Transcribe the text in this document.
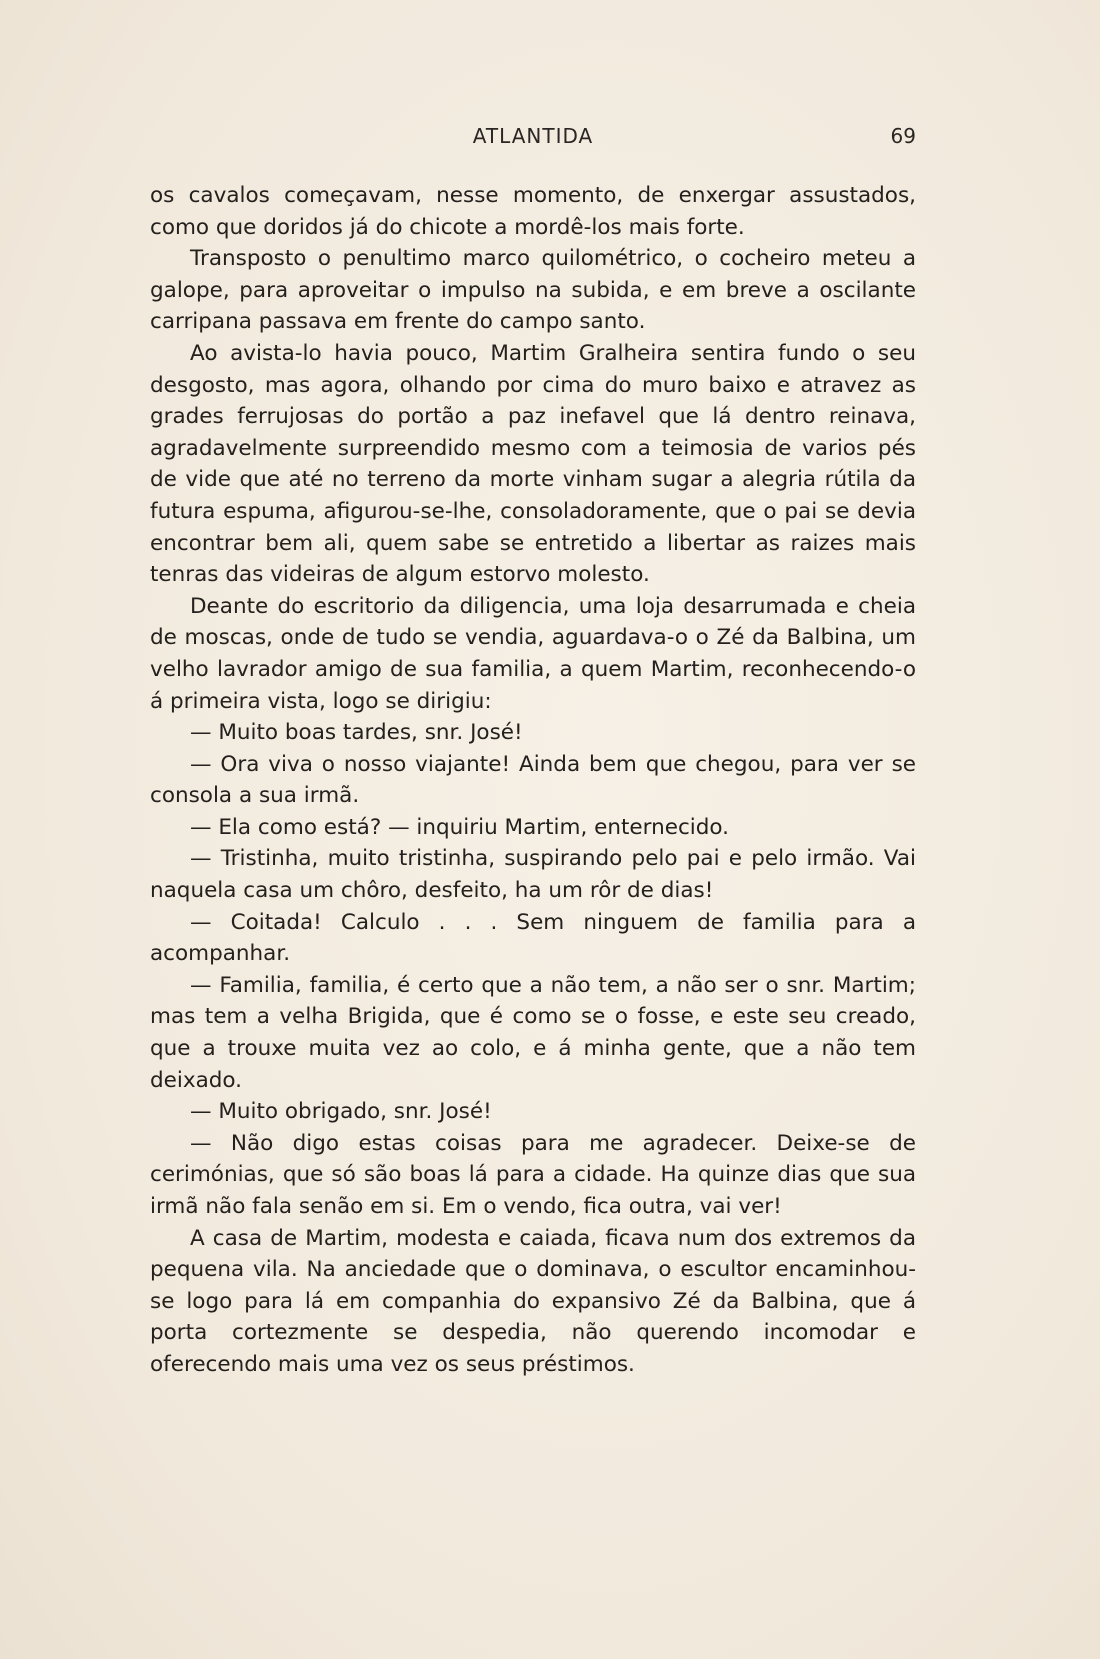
ATLANTIDA	69

os cavalos começavam, nesse momento, de enxergar assustados, como que doridos já do chicote a mordê-los mais forte.

Transposto o penultimo marco quilométrico, o cocheiro meteu a galope, para aproveitar o impulso na subida, e em breve a oscilante carripana passava em frente do campo santo.

Ao avista-lo havia pouco, Martim Gralheira sentira fundo o seu desgosto, mas agora, olhando por cima do muro baixo e atravez as grades ferrujosas do portão a paz inefavel que lá dentro reinava, agradavelmente surpreendido mesmo com a teimosia de varios pés de vide que até no terreno da morte vinham sugar a alegria rútila da futura espuma, afigurou-se-lhe, consoladoramente, que o pai se devia encontrar bem ali, quem sabe se entretido a libertar as raizes mais tenras das videiras de algum estorvo molesto.

Deante do escritorio da diligencia, uma loja desarrumada e cheia de moscas, onde de tudo se vendia, aguardava-o o Zé da Balbina, um velho lavrador amigo de sua familia, a quem Martim, reconhecendo-o á primeira vista, logo se dirigiu:

— Muito boas tardes, snr. José!

— Ora viva o nosso viajante! Ainda bem que chegou, para ver se consola a sua irmã.

— Ela como está? — inquiriu Martim, enternecido.

— Tristinha, muito tristinha, suspirando pelo pai e pelo irmão. Vai naquela casa um chôro, desfeito, ha um rôr de dias!

— Coitada! Calculo . . . Sem ninguem de familia para a acompanhar.

— Familia, familia, é certo que a não tem, a não ser o snr. Martim; mas tem a velha Brigida, que é como se o fosse, e este seu creado, que a trouxe muita vez ao colo, e á minha gente, que a não tem deixado.

— Muito obrigado, snr. José!

— Não digo estas coisas para me agradecer. Deixe-se de cerimónias, que só são boas lá para a cidade. Ha quinze dias que sua irmã não fala senão em si. Em o vendo, fica outra, vai ver!

A casa de Martim, modesta e caiada, ficava num dos extremos da pequena vila. Na anciedade que o dominava, o escultor encaminhou-se logo para lá em companhia do expansivo Zé da Balbina, que á porta cortezmente se despedia, não querendo incomodar e oferecendo mais uma vez os seus préstimos.
